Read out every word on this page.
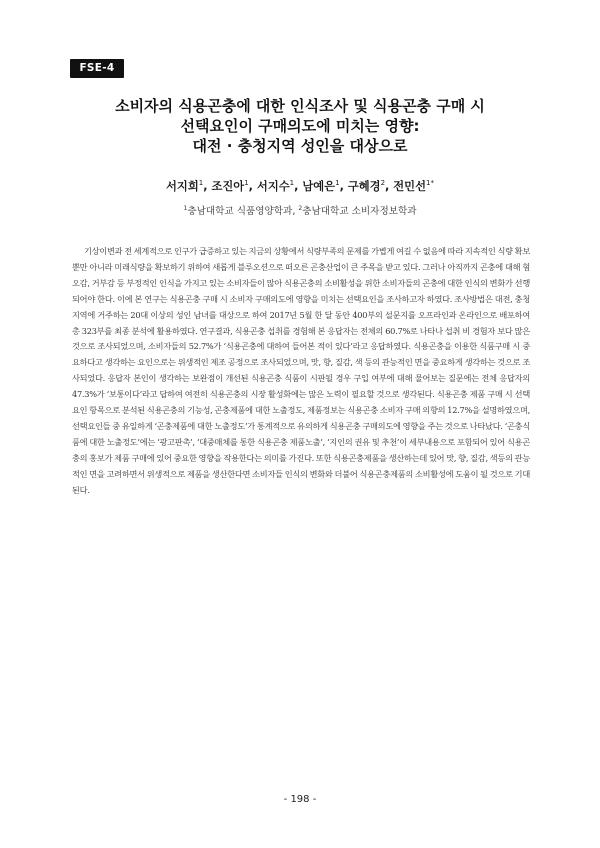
FSE-4
소비자의 식용곤충에 대한 인식조사 및 식용곤충 구매 시
선택요인이 구매의도에 미치는 영향:
대전 · 충청지역 성인을 대상으로
서지희$^1$, 조진아$^1$, 서지수$^1$, 남예은$^1$, 구혜경$^2$, 전민선$^{1*}$
$^1$충남대학교 식품영양학과, $^2$충남대학교 소비자정보학과

기상이변과 전 세계적으로 인구가 급증하고 있는 지금의 상황에서 식량부족의 문제를 가볍게 여길 수 없음에 따라 지속적인 식량 확보뿐만 아니라 미래식량을 확보하기 위하여 새롭게 블루오션으로 떠오른 곤충산업이 큰 주목을 받고 있다. 그러나 아직까지 곤충에 대해 혐오감, 거부감 등 부정적인 인식을 가지고 있는 소비자들이 많아 식용곤충의 소비활성을 위한 소비자들의 곤충에 대한 인식의 변화가 선행되어야 한다. 이에 본 연구는 식용곤충 구매 시 소비자 구매의도에 영향을 미치는 선택요인을 조사하고자 하였다. 조사방법은 대전, 충청지역에 거주하는 20대 이상의 성인 남녀를 대상으로 하여 2017년 5월 한 달 동안 400부의 설문지를 오프라인과 온라인으로 배포하여 총 323부를 최종 분석에 활용하였다. 연구결과, 식용곤충 섭취를 경험해 본 응답자는 전체의 60.7%로 나타나 섭취 비 경험자 보다 많은 것으로 조사되었으며, 소비자들의 52.7%가 ‘식용곤충에 대하여 들어본 적이 있다’라고 응답하였다. 식용곤충을 이용한 식품구매 시 중요하다고 생각하는 요인으로는 위생적인 제조 공정으로 조사되었으며, 맛, 향, 질감, 색 등의 관능적인 면을 중요하게 생각하는 것으로 조사되었다. 응답자 본인이 생각하는 보완점이 개선된 식용곤충 식품이 시판될 경우 구입 여부에 대해 물어보는 질문에는 전체 응답자의 47.3%가 ‘보통이다’라고 답하여 여전히 식용곤충의 시장 활성화에는 많은 노력이 필요할 것으로 생각된다. 식용곤충 제품 구매 시 선택요인 항목으로 분석된 식용곤충의 기능성, 곤충제품에 대한 노출정도, 제품정보는 식용곤충 소비자 구매 의향의 12.7%을 설명하였으며, 선택요인들 중 유일하게 ‘곤충제품에 대한 노출정도’가 통계적으로 유의하게 식용곤충 구매의도에 영향을 주는 것으로 나타났다. ‘곤충식품에 대한 노출정도’에는 ‘광고판촉’, ‘대중매체를 통한 식용곤충 제품노출’, ‘지인의 권유 및 추천’이 세부내용으로 포함되어 있어 식용곤충의 홍보가 제품 구매에 있어 중요한 영향을 작용한다는 의미를 가진다. 또한 식용곤충제품을 생산하는데 있어 맛, 향, 질감, 색등의 관능적인 면을 고려하면서 위생적으로 제품을 생산한다면 소비자들 인식의 변화와 더불어 식용곤충제품의 소비활성에 도움이 될 것으로 기대된다.

- 198 -
